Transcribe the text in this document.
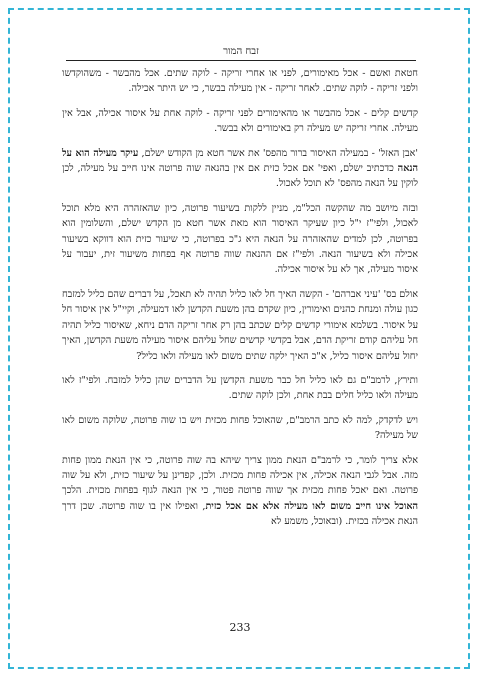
זבח המור

חטאת ואשם - אכל מאימורים, לפני או אחרי זריקה - לוקה שתים. אכל מהבשר - משהוקדשו ולפני זריקה - לוקה שתים. לאחר זריקה - אין מעילה בבשר, כי יש היתר אכילה.

קדשים קלים - אכל מהבשר או מהאימורים לפני זריקה - לוקה אחת על איסור אכילה, אבל אין מעילה. אחרי זריקה יש מעילה רק באימורים ולא בבשר.

'אבן האזל' - במעילה האיסור ברור מהפס' את אשר חטא מן הקודש ישלם, עיקר מעילה הוא על הנאה כדכתיב ישלם, ואפי' אם אכל כזית אם אין בהנאה שוה פרוטה אינו חייב על מעילה, לכן לוקין על הנאה מהפס' לא תוכל לאכול.

ובזה מיושב מה שהקשה הכל"מ, מניין ללקות בשיעור פרוטה, כיון שהאזהרה היא מלא תוכל לאכול, ולפי"ז י"ל כיון שעיקר האיסור הוא מאת אשר חטא מן הקדש ישלם, והשלומין הוא בפרוטה, לכן למדים שהאזהרה על הנאה היא ג"כ בפרוטה, כי שיעור כזית הוא דווקא בשיעור אכילה ולא בשיעור הנאה. ולפי"ז אם ההנאה שווה פרוטה אף בפחות משיעור זית, יעבור על איסור מעילה, אך לא על איסור אכילה.

אולם בס' 'עיני אברהם' - הקשה האיך חל לאו כליל תהיה לא תאכל, על דברים שהם כליל למזבח כגון עולה ומנחת כהנים ואימורין, כיון שקדם בהן משעת הקדשן לאו דמעילה, וקיי"ל אין איסור חל על איסור. בשלמא אימורי קדשים קלים שכתב בהן רק אחר זריקה הדם ניחא, שאיסור כליל תהיה חל עליהם קודם זריקת הדם, אבל בקדשי קדשים שחל עליהם איסור מעילה משעת הקדשן, האיך יחול עליהם איסור כליל, א"כ האיך ילקה שתים משום לאו מעילה ולאו כליל?

ותירץ, לרמב"ם גם לאו כליל חל כבר משעת הקדשן על הדברים שהן כליל למזבח. ולפי"ז לאו מעילה ולאו כליל חלים בבת אחת, ולכן לוקה שתים.

ויש לדקדק, למה לא כתב הרמב"ם, שהאוכל פחות מכזית ויש בו שוה פרוטה, שלוקה משום לאו של מעילה?

אלא צריך לומר, כי לרמב"ם הנאת ממון צריך שיהא בה שוה פרוטה, כי אין הנאת ממון פחות מזה. אבל לגבי הנאה אכילה, אין אכילה פחות מכזית. ולכן, קפדינן על שיעור כזית, ולא על שוה פרוטה. ואם יאכל פחות מכזית אך שווה פרוטה פטור, כי אין הנאה לגוף בפחות מכזית. הלכך האוכל אינו חייב משום לאו מעילה אלא אם אכל כזית, ואפילו אין בו שוה פרוטה. שכן דרך הנאת אכילה בכזית. (ובאוכל, משמע לא

233
